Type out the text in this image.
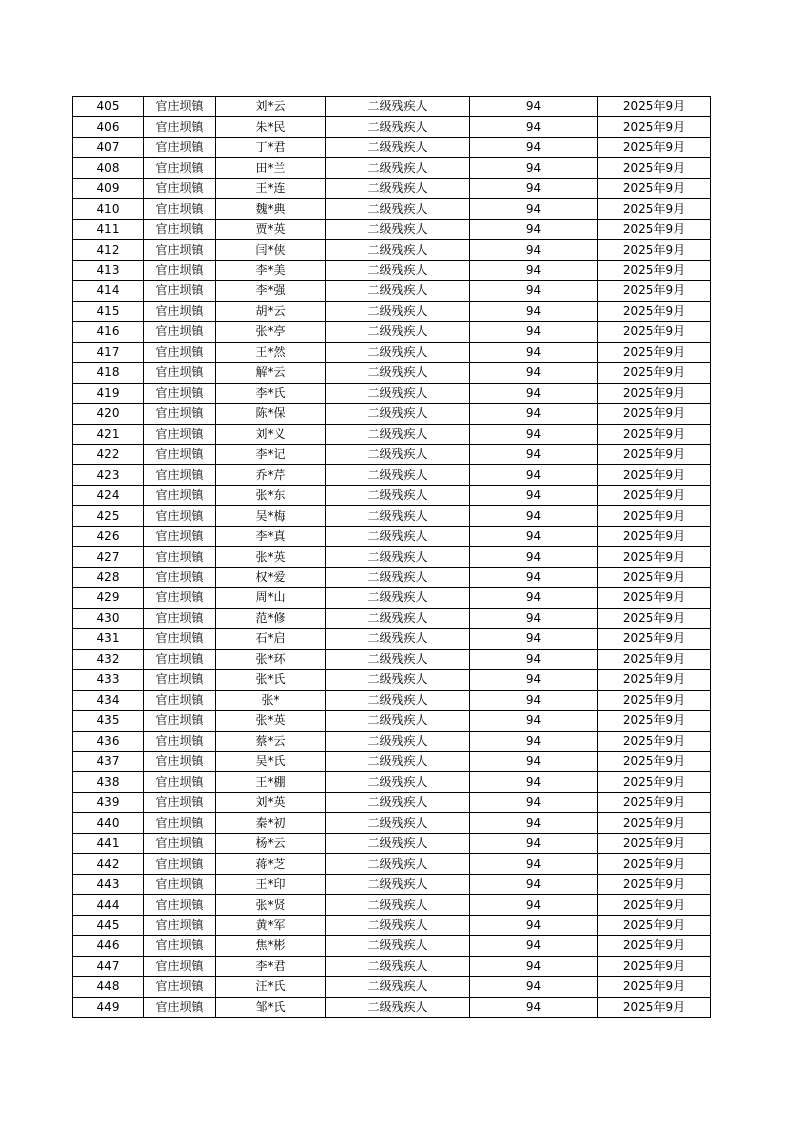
405	官庄坝镇	刘*云	二级残疾人	94	2025年9月
406	官庄坝镇	朱*民	二级残疾人	94	2025年9月
407	官庄坝镇	丁*君	二级残疾人	94	2025年9月
408	官庄坝镇	田*兰	二级残疾人	94	2025年9月
409	官庄坝镇	王*连	二级残疾人	94	2025年9月
410	官庄坝镇	魏*典	二级残疾人	94	2025年9月
411	官庄坝镇	贾*英	二级残疾人	94	2025年9月
412	官庄坝镇	闫*侠	二级残疾人	94	2025年9月
413	官庄坝镇	李*美	二级残疾人	94	2025年9月
414	官庄坝镇	李*强	二级残疾人	94	2025年9月
415	官庄坝镇	胡*云	二级残疾人	94	2025年9月
416	官庄坝镇	张*亭	二级残疾人	94	2025年9月
417	官庄坝镇	王*然	二级残疾人	94	2025年9月
418	官庄坝镇	解*云	二级残疾人	94	2025年9月
419	官庄坝镇	李*氏	二级残疾人	94	2025年9月
420	官庄坝镇	陈*保	二级残疾人	94	2025年9月
421	官庄坝镇	刘*义	二级残疾人	94	2025年9月
422	官庄坝镇	李*记	二级残疾人	94	2025年9月
423	官庄坝镇	乔*芹	二级残疾人	94	2025年9月
424	官庄坝镇	张*东	二级残疾人	94	2025年9月
425	官庄坝镇	吴*梅	二级残疾人	94	2025年9月
426	官庄坝镇	李*真	二级残疾人	94	2025年9月
427	官庄坝镇	张*英	二级残疾人	94	2025年9月
428	官庄坝镇	权*爱	二级残疾人	94	2025年9月
429	官庄坝镇	周*山	二级残疾人	94	2025年9月
430	官庄坝镇	范*修	二级残疾人	94	2025年9月
431	官庄坝镇	石*启	二级残疾人	94	2025年9月
432	官庄坝镇	张*环	二级残疾人	94	2025年9月
433	官庄坝镇	张*氏	二级残疾人	94	2025年9月
434	官庄坝镇	张*	二级残疾人	94	2025年9月
435	官庄坝镇	张*英	二级残疾人	94	2025年9月
436	官庄坝镇	蔡*云	二级残疾人	94	2025年9月
437	官庄坝镇	吴*氏	二级残疾人	94	2025年9月
438	官庄坝镇	王*棚	二级残疾人	94	2025年9月
439	官庄坝镇	刘*英	二级残疾人	94	2025年9月
440	官庄坝镇	秦*初	二级残疾人	94	2025年9月
441	官庄坝镇	杨*云	二级残疾人	94	2025年9月
442	官庄坝镇	蒋*芝	二级残疾人	94	2025年9月
443	官庄坝镇	王*印	二级残疾人	94	2025年9月
444	官庄坝镇	张*贤	二级残疾人	94	2025年9月
445	官庄坝镇	黄*军	二级残疾人	94	2025年9月
446	官庄坝镇	焦*彬	二级残疾人	94	2025年9月
447	官庄坝镇	李*君	二级残疾人	94	2025年9月
448	官庄坝镇	汪*氏	二级残疾人	94	2025年9月
449	官庄坝镇	邹*氏	二级残疾人	94	2025年9月
